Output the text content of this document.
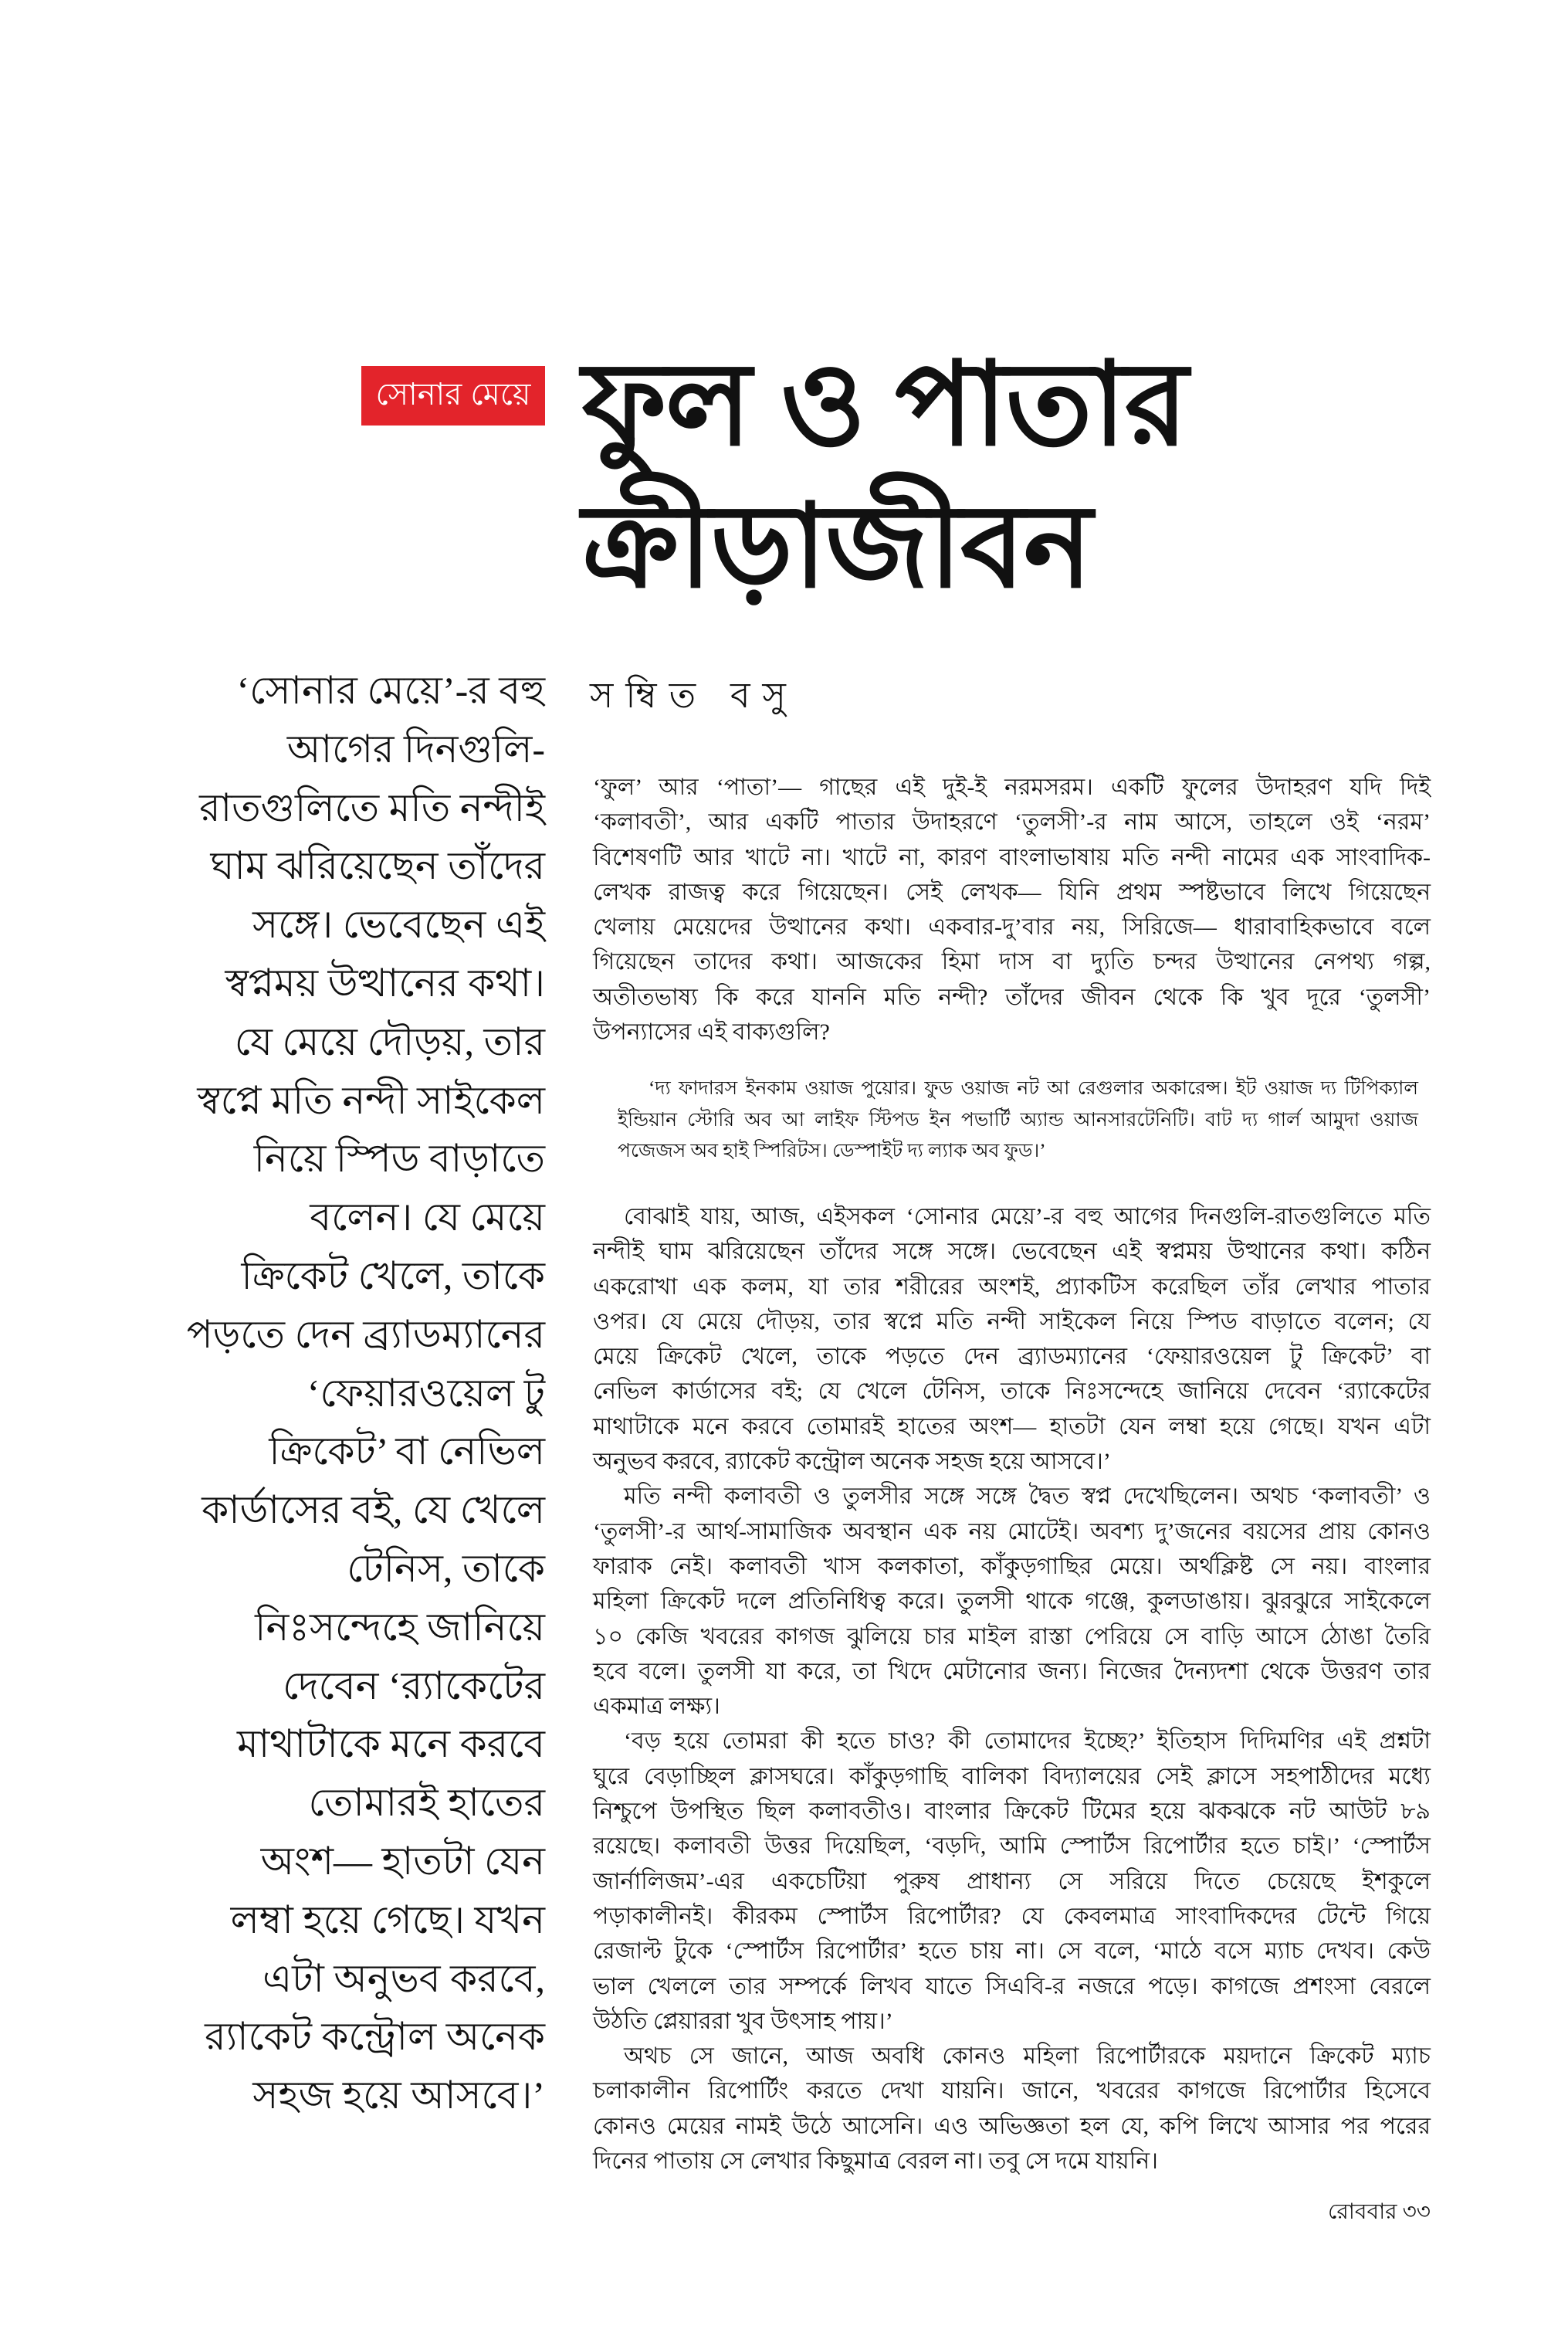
সোনার মেয়ে ফুল ও পাতার
ক্রীড়াজীবন
সম্বিত বসু
‘সোনার মেয়ে’-র বহু
আগের দিনগুলি-
রাতগুলিতে মতি নন্দীই
ঘাম ঝরিয়েছেন তাঁদের
সঙ্গে। ভেবেছেন এই
স্বপ্নময় উত্থানের কথা।
যে মেয়ে দৌড়য়, তার
স্বপ্নে মতি নন্দী সাইকেল
নিয়ে স্পিড বাড়াতে
বলেন। যে মেয়ে
ক্রিকেট খেলে, তাকে
পড়তে দেন ব্র্যাডম্যানের
‘ফেয়ারওয়েল টু
ক্রিকেট’ বা নেভিল
কার্ডাসের বই, যে খেলে
টেনিস, তাকে
নিঃসন্দেহে জানিয়ে
দেবেন ‘র‍্যাকেটের
মাথাটাকে মনে করবে
তোমারই হাতের
অংশ— হাতটা যেন
লম্বা হয়ে গেছে। যখন
এটা অনুভব করবে,
র‍্যাকেট কন্ট্রোল অনেক
সহজ হয়ে আসবে।’
‘ফুল’ আর ‘পাতা’— গাছের এই দুই-ই নরমসরম। একটি ফুলের উদাহরণ যদি দিই
‘কলাবতী’, আর একটি পাতার উদাহরণে ‘তুলসী’-র নাম আসে, তাহলে ওই ‘নরম’
বিশেষণটি আর খাটে না। খাটে না, কারণ বাংলাভাষায় মতি নন্দী নামের এক সাংবাদিক-
লেখক রাজত্ব করে গিয়েছেন। সেই লেখক— যিনি প্রথম স্পষ্টভাবে লিখে গিয়েছেন
খেলায় মেয়েদের উত্থানের কথা। একবার-দু’বার নয়, সিরিজে— ধারাবাহিকভাবে বলে
গিয়েছেন তাদের কথা। আজকের হিমা দাস বা দ্যুতি চন্দর উত্থানের নেপথ্য গল্প,
অতীতভাষ্য কি করে যাননি মতি নন্দী? তাঁদের জীবন থেকে কি খুব দূরে ‘তুলসী’
উপন্যাসের এই বাক্যগুলি?
‘দ্য ফাদারস ইনকাম ওয়াজ পুয়োর। ফুড ওয়াজ নট আ রেগুলার অকারেন্স। ইট ওয়াজ দ্য টিপিক্যাল
ইন্ডিয়ান স্টোরি অব আ লাইফ স্টিপড ইন পভার্টি অ্যান্ড আনসারটেনিটি। বাট দ্য গার্ল আমুদা ওয়াজ
পজেজস অব হাই স্পিরিটস। ডেস্পাইট দ্য ল্যাক অব ফুড।’
বোঝাই যায়, আজ, এইসকল ‘সোনার মেয়ে’-র বহু আগের দিনগুলি-রাতগুলিতে মতি
নন্দীই ঘাম ঝরিয়েছেন তাঁদের সঙ্গে সঙ্গে। ভেবেছেন এই স্বপ্নময় উত্থানের কথা। কঠিন
একরোখা এক কলম, যা তার শরীরের অংশই, প্র্যাকটিস করেছিল তাঁর লেখার পাতার
ওপর। যে মেয়ে দৌড়য়, তার স্বপ্নে মতি নন্দী সাইকেল নিয়ে স্পিড বাড়াতে বলেন; যে
মেয়ে ক্রিকেট খেলে, তাকে পড়তে দেন ব্র্যাডম্যানের ‘ফেয়ারওয়েল টু ক্রিকেট’ বা
নেভিল কার্ডাসের বই; যে খেলে টেনিস, তাকে নিঃসন্দেহে জানিয়ে দেবেন ‘র‍্যাকেটের
মাথাটাকে মনে করবে তোমারই হাতের অংশ— হাতটা যেন লম্বা হয়ে গেছে। যখন এটা
অনুভব করবে, র‍্যাকেট কন্ট্রোল অনেক সহজ হয়ে আসবে।’
মতি নন্দী কলাবতী ও তুলসীর সঙ্গে সঙ্গে দ্বৈত স্বপ্ন দেখেছিলেন। অথচ ‘কলাবতী’ ও
‘তুলসী’-র আর্থ-সামাজিক অবস্থান এক নয় মোটেই। অবশ্য দু’জনের বয়সের প্রায় কোনও
ফারাক নেই। কলাবতী খাস কলকাতা, কাঁকুড়গাছির মেয়ে। অর্থক্লিষ্ট সে নয়। বাংলার
মহিলা ক্রিকেট দলে প্রতিনিধিত্ব করে। তুলসী থাকে গঞ্জে, কুলডাঙায়। ঝুরঝুরে সাইকেলে
১০ কেজি খবরের কাগজ ঝুলিয়ে চার মাইল রাস্তা পেরিয়ে সে বাড়ি আসে ঠোঙা তৈরি
হবে বলে। তুলসী যা করে, তা খিদে মেটানোর জন্য। নিজের দৈন্যদশা থেকে উত্তরণ তার
একমাত্র লক্ষ্য।
‘বড় হয়ে তোমরা কী হতে চাও? কী তোমাদের ইচ্ছে?’ ইতিহাস দিদিমণির এই প্রশ্নটা
ঘুরে বেড়াচ্ছিল ক্লাসঘরে। কাঁকুড়গাছি বালিকা বিদ্যালয়ের সেই ক্লাসে সহপাঠীদের মধ্যে
নিশ্চুপে উপস্থিত ছিল কলাবতীও। বাংলার ক্রিকেট টিমের হয়ে ঝকঝকে নট আউট ৮৯
রয়েছে। কলাবতী উত্তর দিয়েছিল, ‘বড়দি, আমি স্পোর্টস রিপোর্টার হতে চাই।’ ‘স্পোর্টস
জার্নালিজম’-এর একচেটিয়া পুরুষ প্রাধান্য সে সরিয়ে দিতে চেয়েছে ইশকুলে
পড়াকালীনই। কীরকম স্পোর্টস রিপোর্টার? যে কেবলমাত্র সাংবাদিকদের টেন্টে গিয়ে
রেজাল্ট টুকে ‘স্পোর্টস রিপোর্টার’ হতে চায় না। সে বলে, ‘মাঠে বসে ম্যাচ দেখব। কেউ
ভাল খেললে তার সম্পর্কে লিখব যাতে সিএবি-র নজরে পড়ে। কাগজে প্রশংসা বেরলে
উঠতি প্লেয়াররা খুব উৎসাহ পায়।’
অথচ সে জানে, আজ অবধি কোনও মহিলা রিপোর্টারকে ময়দানে ক্রিকেট ম্যাচ
চলাকালীন রিপোর্টিং করতে দেখা যায়নি। জানে, খবরের কাগজে রিপোর্টার হিসেবে
কোনও মেয়ের নামই উঠে আসেনি। এও অভিজ্ঞতা হল যে, কপি লিখে আসার পর পরের
দিনের পাতায় সে লেখার কিছুমাত্র বেরল না। তবু সে দমে যায়নি।
রোববার ৩৩
